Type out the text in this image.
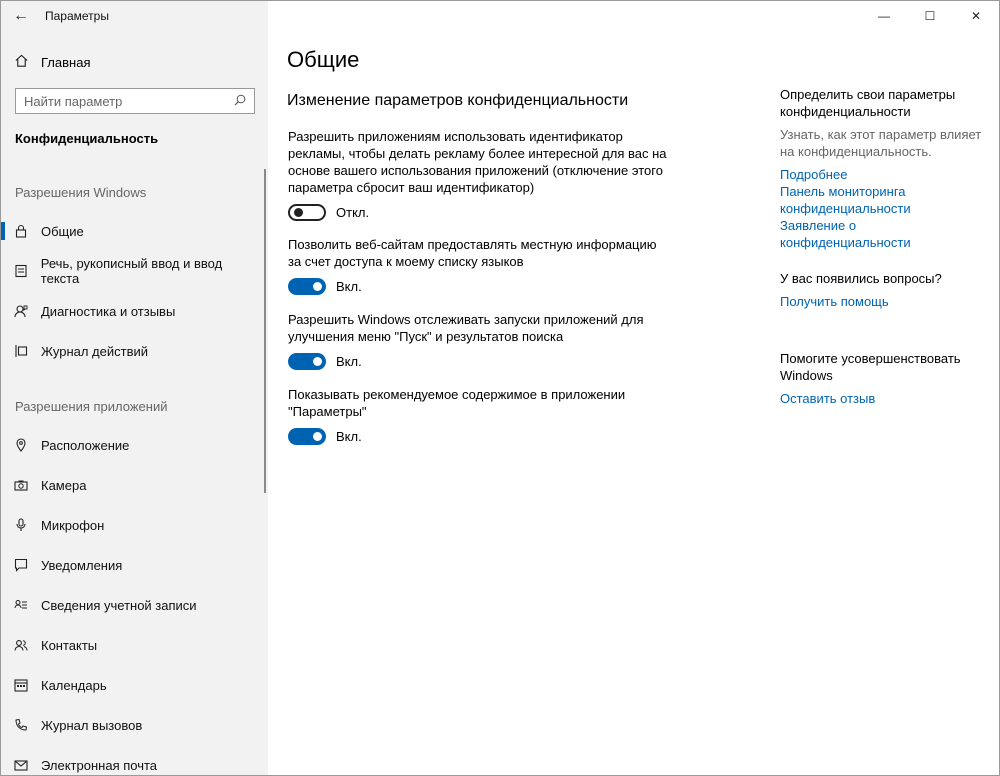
← Параметры
Главная
Найти параметр
Конфиденциальность
Разрешения Windows
Общие
Речь, рукописный ввод и ввод текста
Диагностика и отзывы
Журнал действий
Разрешения приложений
Расположение
Камера
Микрофон
Уведомления
Сведения учетной записи
Контакты
Календарь
Журнал вызовов
Электронная почта
—	☐	✕
Общие
Изменение параметров конфиденциальности
Разрешить приложениям использовать идентификатор рекламы, чтобы делать рекламу более интересной для вас на основе вашего использования приложений (отключение этого параметра сбросит ваш идентификатор)
Откл.
Позволить веб-сайтам предоставлять местную информацию за счет доступа к моему списку языков
Вкл.
Разрешить Windows отслеживать запуски приложений для улучшения меню "Пуск" и результатов поиска
Вкл.
Показывать рекомендуемое содержимое в приложении "Параметры"
Вкл.
Определить свои параметры конфиденциальности
Узнать, как этот параметр влияет на конфиденциальность.
Подробнее
Панель мониторинга конфиденциальности
Заявление о конфиденциальности
У вас появились вопросы?
Получить помощь
Помогите усовершенствовать Windows
Оставить отзыв
